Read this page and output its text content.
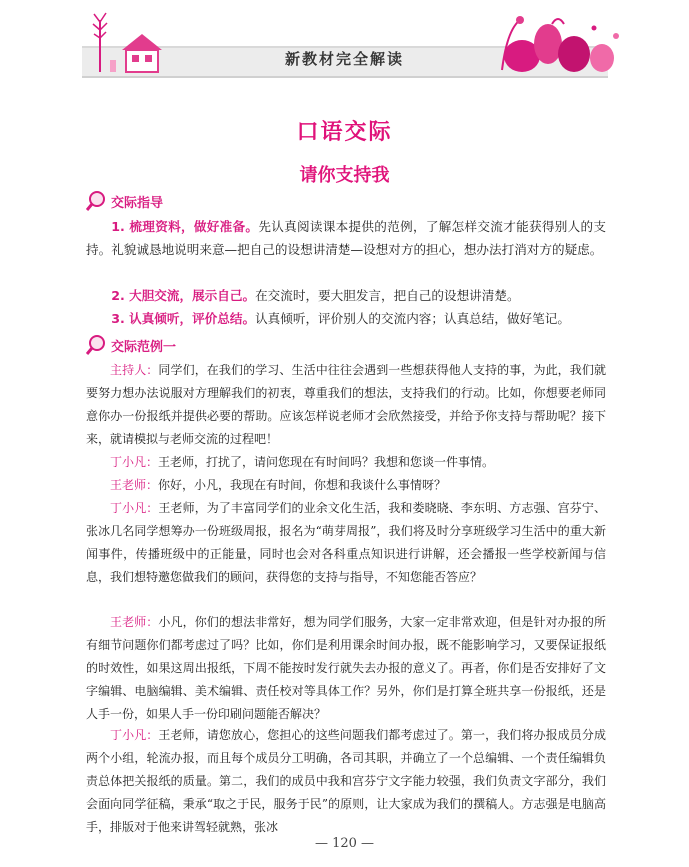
新教材完全解读
口语交际
请你支持我
交际指导

1. 梳理资料，做好准备。先认真阅读课本提供的范例，了解怎样交流才能获得别人的支持。礼貌诚恳地说明来意—把自己的设想讲清楚—设想对方的担心，想办法打消对方的疑虑。

2. 大胆交流，展示自己。在交流时，要大胆发言，把自己的设想讲清楚。

3. 认真倾听，评价总结。认真倾听，评价别人的交流内容；认真总结，做好笔记。

交际范例一

主持人：同学们，在我们的学习、生活中往往会遇到一些想获得他人支持的事，为此，我们就要努力想办法说服对方理解我们的初衷，尊重我们的想法，支持我们的行动。比如，你想要老师同意你办一份报纸并提供必要的帮助。应该怎样说老师才会欣然接受，并给予你支持与帮助呢？接下来，就请模拟与老师交流的过程吧！

丁小凡：王老师，打扰了，请问您现在有时间吗？我想和您谈一件事情。

王老师：你好，小凡，我现在有时间，你想和我谈什么事情呀？

丁小凡：王老师，为了丰富同学们的业余文化生活，我和娄晓晓、李东明、方志强、宫芬宁、张冰几名同学想筹办一份班级周报，报名为“萌芽周报”，我们将及时分享班级学习生活中的重大新闻事件，传播班级中的正能量，同时也会对各科重点知识进行讲解，还会播报一些学校新闻与信息，我们想特邀您做我们的顾问，获得您的支持与指导，不知您能否答应？

王老师：小凡，你们的想法非常好，想为同学们服务，大家一定非常欢迎，但是针对办报的所有细节问题你们都考虑过了吗？比如，你们是利用课余时间办报，既不能影响学习，又要保证报纸的时效性，如果这周出报纸，下周不能按时发行就失去办报的意义了。再者，你们是否安排好了文字编辑、电脑编辑、美术编辑、责任校对等具体工作？另外，你们是打算全班共享一份报纸，还是人手一份，如果人手一份印刷问题能否解决？

丁小凡：王老师，请您放心，您担心的这些问题我们都考虑过了。第一，我们将办报成员分成两个小组，轮流办报，而且每个成员分工明确，各司其职，并确立了一个总编辑、一个责任编辑负责总体把关报纸的质量。第二，我们的成员中我和宫芬宁文字能力较强，我们负责文字部分，我们会面向同学征稿，秉承“取之于民，服务于民”的原则，让大家成为我们的撰稿人。方志强是电脑高手，排版对于他来讲驾轻就熟，张冰

— 120 —
